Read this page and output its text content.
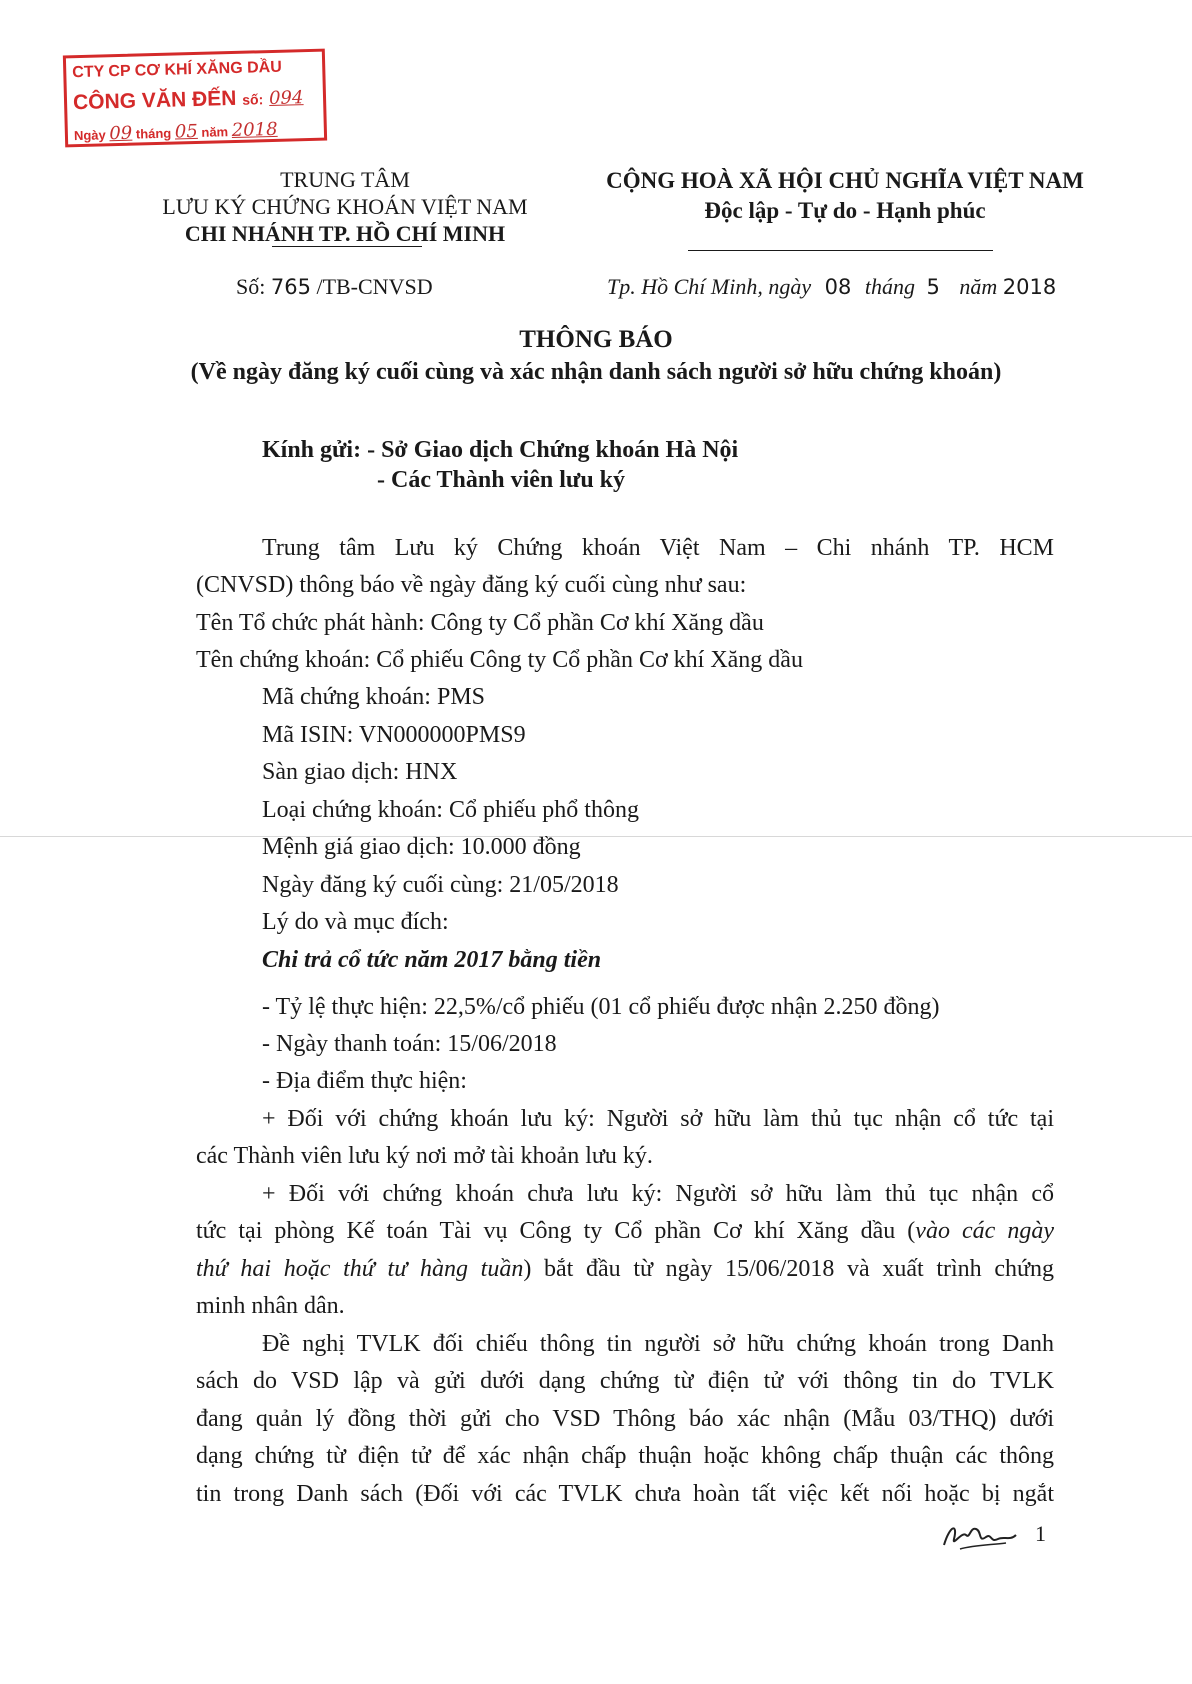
CTY CP CƠ KHÍ XĂNG DẦU
CÔNG VĂN ĐẾN số: 094
Ngày 09 tháng 05 năm 2018
TRUNG TÂM
LƯU KÝ CHỨNG KHOÁN VIỆT NAM
CHI NHÁNH TP. HỒ CHÍ MINH
CỘNG HOÀ XÃ HỘI CHỦ NGHĨA VIỆT NAM
Độc lập - Tự do - Hạnh phúc
Số: 765 /TB-CNVSD	Tp. Hồ Chí Minh, ngày 08 tháng 5 năm 2018
THÔNG BÁO
(Về ngày đăng ký cuối cùng và xác nhận danh sách người sở hữu chứng khoán)
Kính gửi: - Sở Giao dịch Chứng khoán Hà Nội
- Các Thành viên lưu ký
Trung tâm Lưu ký Chứng khoán Việt Nam – Chi nhánh TP. HCM
(CNVSD) thông báo về ngày đăng ký cuối cùng như sau:
Tên Tổ chức phát hành: Công ty Cổ phần Cơ khí Xăng dầu
Tên chứng khoán: Cổ phiếu Công ty Cổ phần Cơ khí Xăng dầu
Mã chứng khoán: PMS
Mã ISIN: VN000000PMS9
Sàn giao dịch: HNX
Loại chứng khoán: Cổ phiếu phổ thông
Mệnh giá giao dịch: 10.000 đồng
Ngày đăng ký cuối cùng: 21/05/2018
Lý do và mục đích:
Chi trả cổ tức năm 2017 bằng tiền
- Tỷ lệ thực hiện: 22,5%/cổ phiếu (01 cổ phiếu được nhận 2.250 đồng)
- Ngày thanh toán: 15/06/2018
- Địa điểm thực hiện:
+ Đối với chứng khoán lưu ký: Người sở hữu làm thủ tục nhận cổ tức tại
các Thành viên lưu ký nơi mở tài khoản lưu ký.
+ Đối với chứng khoán chưa lưu ký: Người sở hữu làm thủ tục nhận cổ
tức tại phòng Kế toán Tài vụ Công ty Cổ phần Cơ khí Xăng dầu (vào các ngày
thứ hai hoặc thứ tư hàng tuần) bắt đầu từ ngày 15/06/2018 và xuất trình chứng
minh nhân dân.
Đề nghị TVLK đối chiếu thông tin người sở hữu chứng khoán trong Danh
sách do VSD lập và gửi dưới dạng chứng từ điện tử với thông tin do TVLK
đang quản lý đồng thời gửi cho VSD Thông báo xác nhận (Mẫu 03/THQ) dưới
dạng chứng từ điện tử để xác nhận chấp thuận hoặc không chấp thuận các thông
tin trong Danh sách (Đối với các TVLK chưa hoàn tất việc kết nối hoặc bị ngắt
1
